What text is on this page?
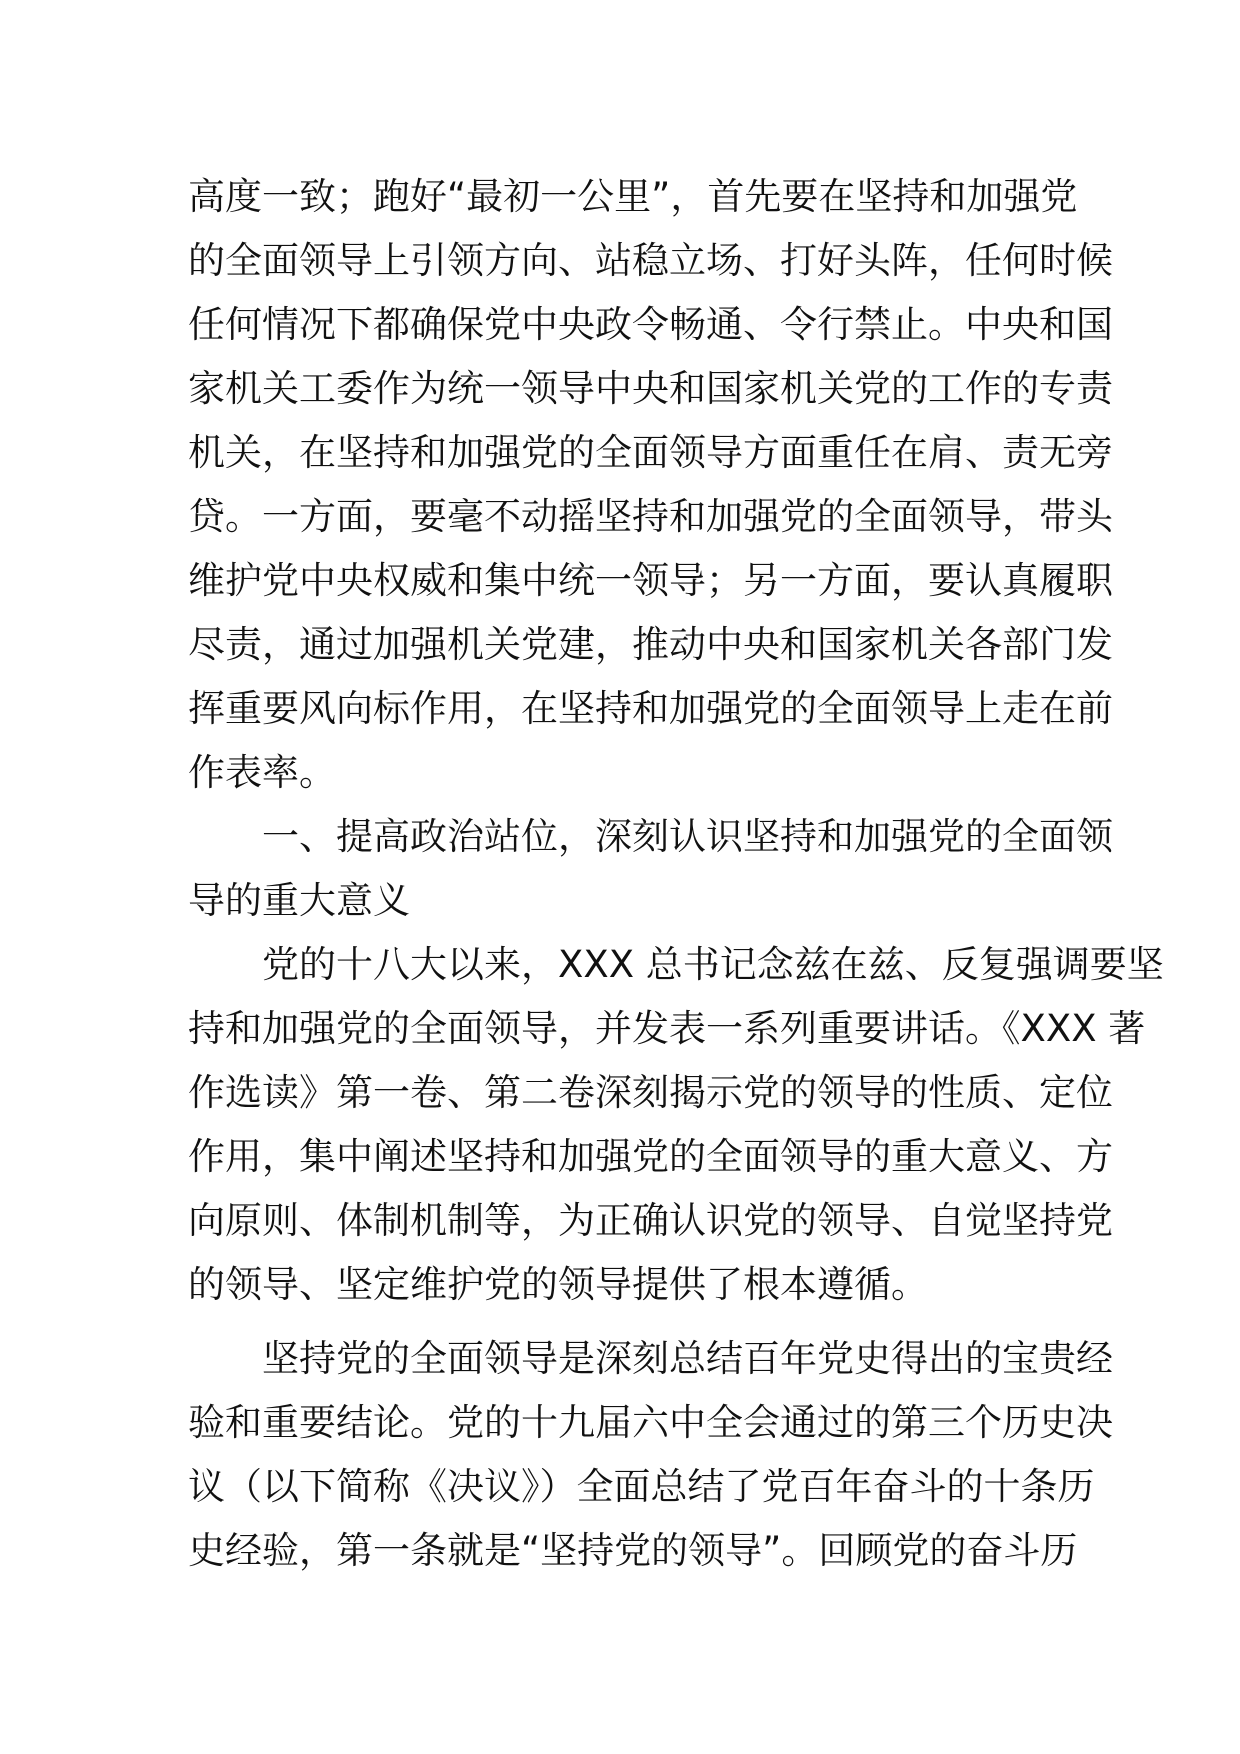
高度一致；跑好“最初一公里”，首先要在坚持和加强党
的全面领导上引领方向、站稳立场、打好头阵，任何时候
任何情况下都确保党中央政令畅通、令行禁止。中央和国
家机关工委作为统一领导中央和国家机关党的工作的专责
机关，在坚持和加强党的全面领导方面重任在肩、责无旁
贷。一方面，要毫不动摇坚持和加强党的全面领导，带头
维护党中央权威和集中统一领导；另一方面，要认真履职
尽责，通过加强机关党建，推动中央和国家机关各部门发
挥重要风向标作用，在坚持和加强党的全面领导上走在前
作表率。
一、提高政治站位，深刻认识坚持和加强党的全面领
导的重大意义
党的十八大以来，XXX 总书记念兹在兹、反复强调要坚
持和加强党的全面领导，并发表一系列重要讲话。《XXX 著
作选读》第一卷、第二卷深刻揭示党的领导的性质、定位
作用，集中阐述坚持和加强党的全面领导的重大意义、方
向原则、体制机制等，为正确认识党的领导、自觉坚持党
的领导、坚定维护党的领导提供了根本遵循。
坚持党的全面领导是深刻总结百年党史得出的宝贵经
验和重要结论。党的十九届六中全会通过的第三个历史决
议（以下简称《决议》）全面总结了党百年奋斗的十条历
史经验，第一条就是“坚持党的领导”。回顾党的奋斗历
